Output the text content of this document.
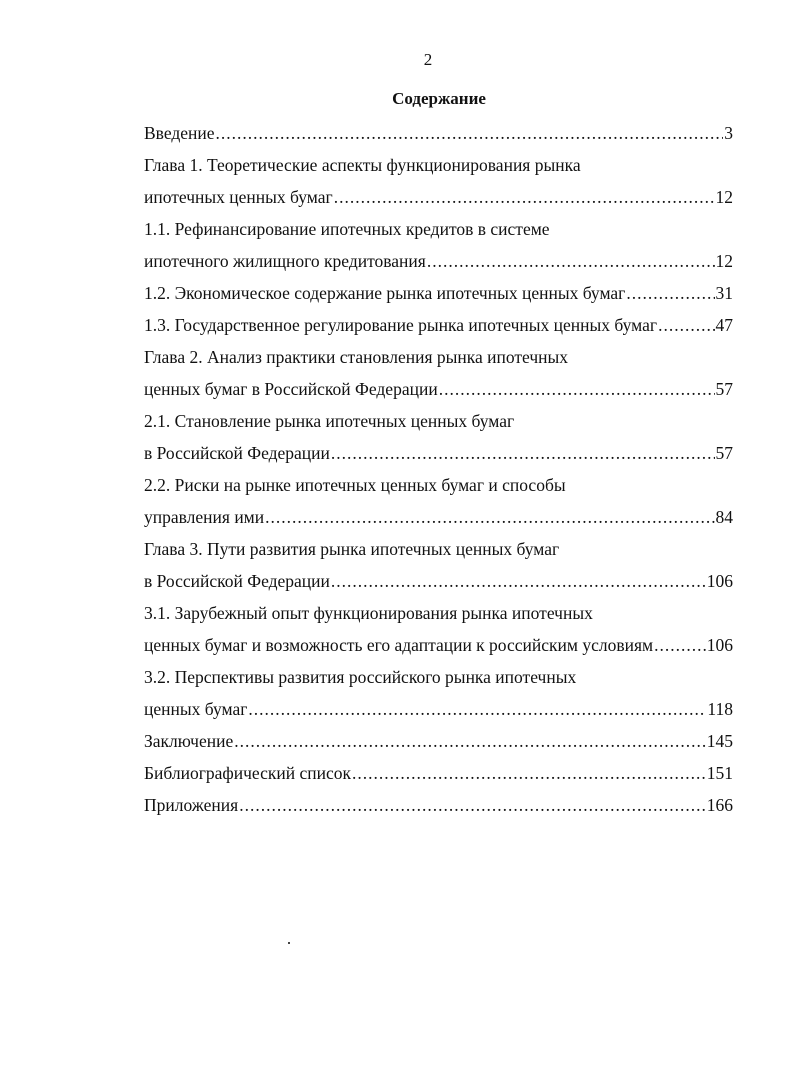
2
Содержание
Введение .....	3
Глава 1. Теоретические аспекты функционирования рынка
ипотечных ценных бумаг .....	12
1.1. Рефинансирование ипотечных кредитов в системе
ипотечного жилищного кредитования .....	12
1.2. Экономическое содержание рынка ипотечных ценных бумаг .....	31
1.3. Государственное регулирование рынка ипотечных ценных бумаг .....	47
Глава 2. Анализ практики становления рынка ипотечных
ценных бумаг в Российской Федерации .....	57
2.1. Становление рынка ипотечных ценных бумаг
в Российской Федерации .....	57
2.2. Риски на рынке ипотечных ценных бумаг и способы
управления ими .....	84
Глава 3. Пути развития рынка ипотечных ценных бумаг
в Российской Федерации .....	106
3.1. Зарубежный опыт функционирования рынка ипотечных
ценных бумаг и возможность его адаптации к российским условиям .....	106
3.2. Перспективы развития российского рынка ипотечных
ценных бумаг .....	118
Заключение .....	145
Библиографический список .....	151
Приложения .....	166
